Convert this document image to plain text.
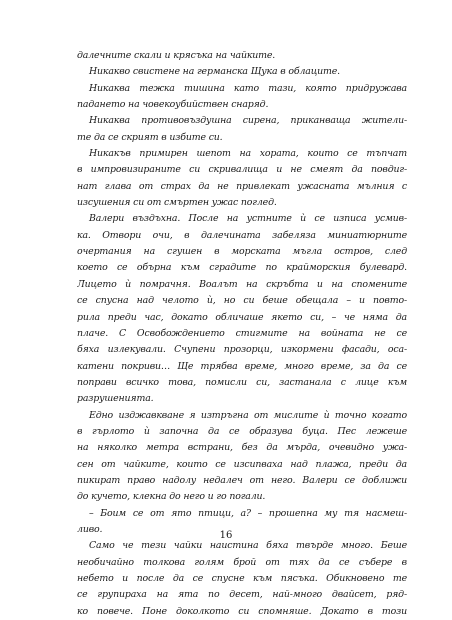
далечните скали и крясъка на чайките.
Никакво свистене на германска Щука в облаците.
Никаква тежка тишина като тази, която придружава
падането на човекоубийствен снаряд.
Никаква противовъздушна сирена, приканваща жители-
те да се скрият в избите си.
Никакъв примирен шепот на хората, които се тъпчат
в импровизираните си скривалища и не смеят да повдиг-
нат глава от страх да не привлекат ужасната мълния с
изсушения си от смъртен ужас поглед.
Валери въздъхна. После на устните ѝ се изписа усмив-
ка. Отвори очи, в далечината забеляза миниатюрните
очертания на сгушен в морската мъгла остров, след
което се обърна към сградите по крайморския булевард.
Лицето ѝ помрачня. Воалът на скръбта и на спомените
се спусна над челото ѝ, но си беше обещала – и повто-
рила преди час, докато обличаше якето си, – че няма да
плаче. С Освобождението стигмите на войната не се
бяха излекували. Счупени прозорци, изкормени фасади, оса-
катени покриви… Ще трябва време, много време, за да се
поправи всичко това, помисли си, застанала с лице към
разрушенията.
Едно изджавкване я изтръгна от мислите ѝ точно когато
в гърлото ѝ започна да се образува буца. Пес лежеше
на няколко метра встрани, без да мърда, очевидно ужа-
сен от чайките, които се изсипваха над плажа, преди да
пикират право надолу недалеч от него. Валери се доближи
до кучето, клекна до него и го погали.
– Боим се от ято птици, а? – прошепна му тя насмеш-
ливо.
Само че тези чайки наистина бяха твърде много. Беше
необичайно толкова голям брой от тях да се събере в
небето и после да се спусне към пясъка. Обикновено те
се групираха на ята по десет, най-много двайсет, ряд-
ко повече. Поне доколкото си спомняше. Докато в този
16
